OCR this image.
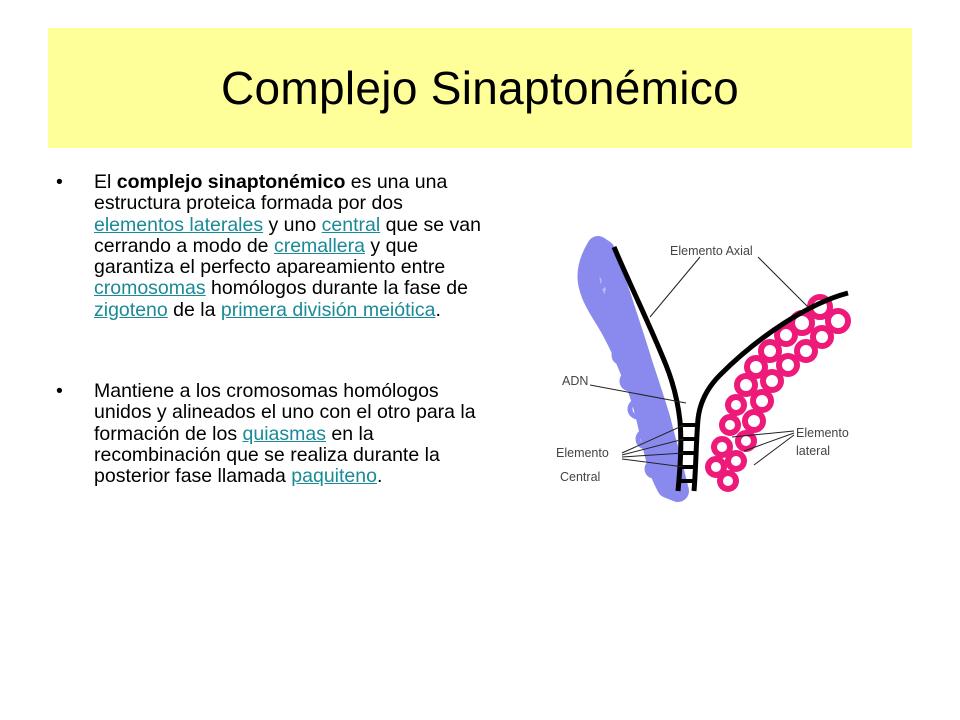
Complejo Sinaptonémico
• El complejo sinaptonémico es una una estructura proteica formada por dos elementos laterales y uno central que se van cerrando a modo de cremallera y que garantiza el perfecto apareamiento entre cromosomas homólogos durante la fase de zigoteno de la primera división meiótica.
• Mantiene a los cromosomas homólogos unidos y alineados el uno con el otro para la formación de los quiasmas en la recombinación que se realiza durante la posterior fase llamada paquiteno.
Elemento Axial
ADN
Elemento
Central
Elemento
lateral
